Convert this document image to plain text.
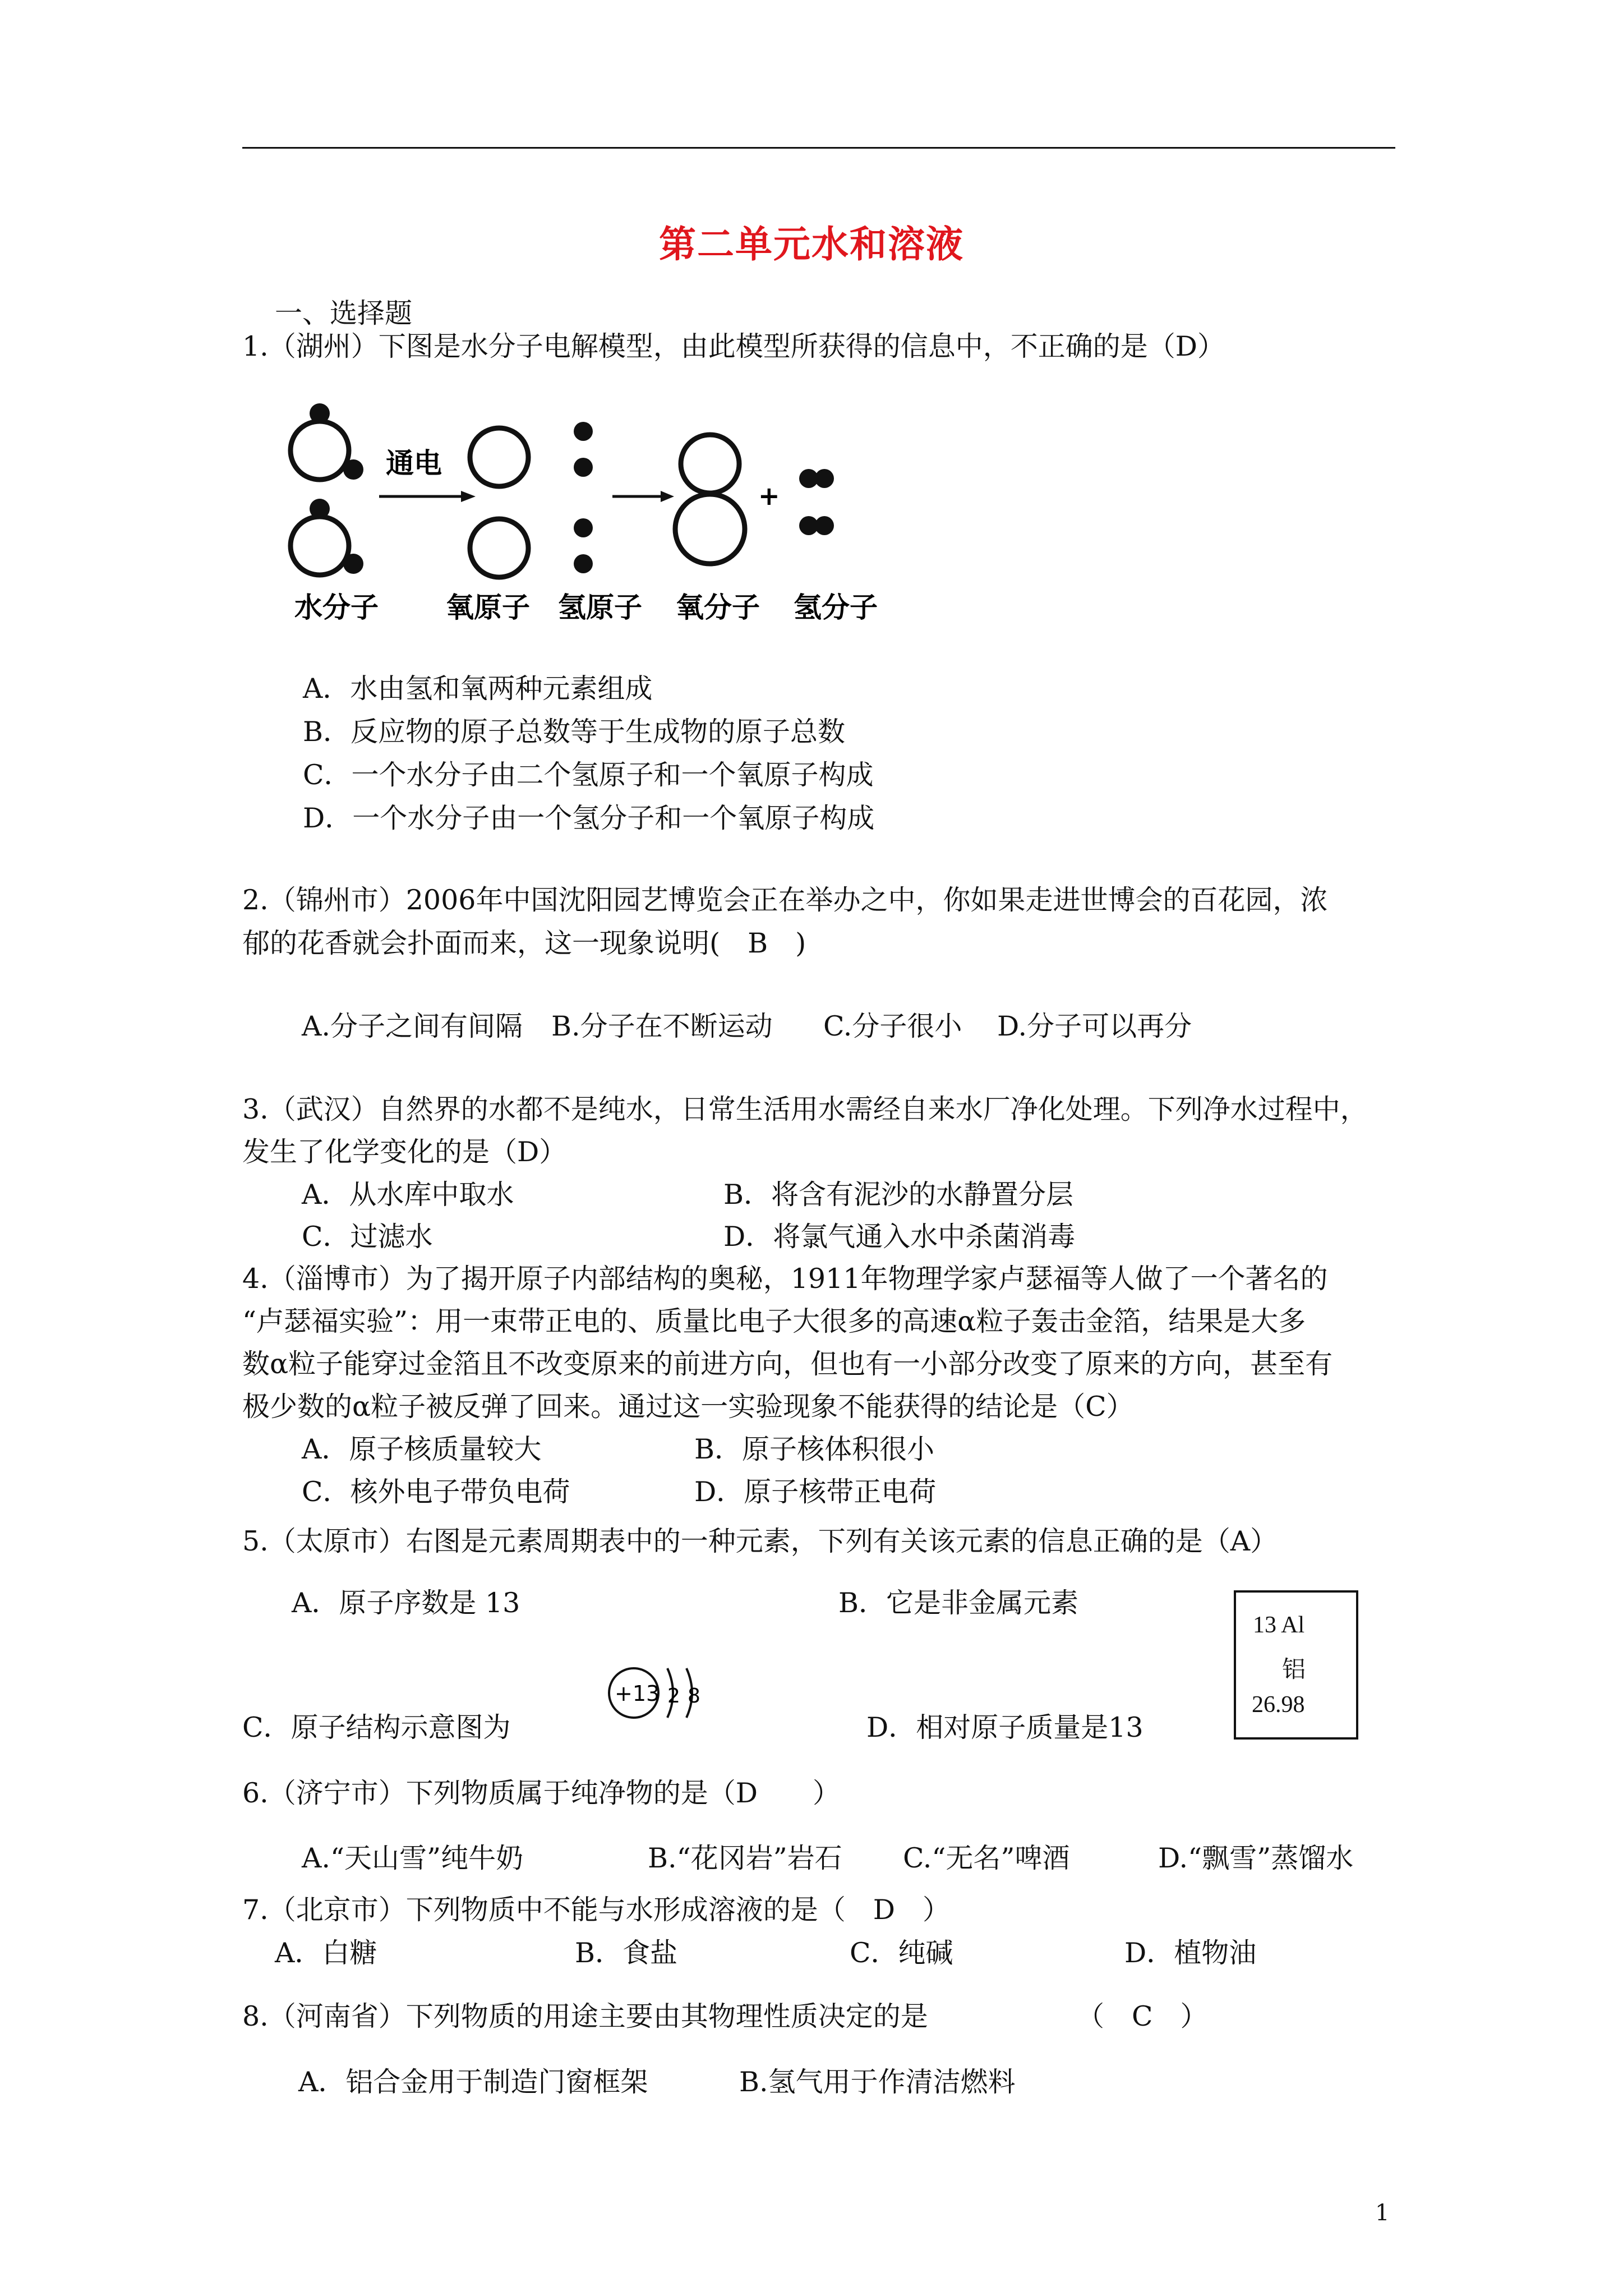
第二单元水和溶液
一、选择题
1.（湖州）下图是水分子电解模型，由此模型所获得的信息中，不正确的是（D）
通电
+
水分子 氧原子 氢原子 氧分子 氢分子
A．水由氢和氧两种元素组成
B．反应物的原子总数等于生成物的原子总数
C．一个水分子由二个氢原子和一个氧原子构成
D．一个水分子由一个氢分子和一个氧原子构成
2.（锦州市）2006年中国沈阳园艺博览会正在举办之中，你如果走进世博会的百花园，浓
郁的花香就会扑面而来，这一现象说明(　B　)
A.分子之间有间隔 B.分子在不断运动 C.分子很小 D.分子可以再分
3.（武汉）自然界的水都不是纯水，日常生活用水需经自来水厂净化处理。下列净水过程中，
发生了化学变化的是（D）
A．从水库中取水	B．将含有泥沙的水静置分层
C．过滤水	D．将氯气通入水中杀菌消毒
4.（淄博市）为了揭开原子内部结构的奥秘，1911年物理学家卢瑟福等人做了一个著名的
“卢瑟福实验”：用一束带正电的、质量比电子大很多的高速α粒子轰击金箔，结果是大多
数α粒子能穿过金箔且不改变原来的前进方向，但也有一小部分改变了原来的方向，甚至有
极少数的α粒子被反弹了回来。通过这一实验现象不能获得的结论是（C）
A．原子核质量较大	B．原子核体积很小
C．核外电子带负电荷	D．原子核带正电荷
5.（太原市）右图是元素周期表中的一种元素，下列有关该元素的信息正确的是（A）
A．原子序数是 13	B．它是非金属元素
C．原子结构示意图为	D．相对原子质量是13
+13 2 8
13 Al
铝
26.98
6.（济宁市）下列物质属于纯净物的是（D　　）
A.“天山雪”纯牛奶	B.“花冈岩”岩石 C.“无名”啤酒	D.“飘雪”蒸馏水
7.（北京市）下列物质中不能与水形成溶液的是（　D　）
A．白糖	B．食盐	C．纯碱	D．植物油
8.（河南省）下列物质的用途主要由其物理性质决定的是	（　C　）
A．铝合金用于制造门窗框架	B.氢气用于作清洁燃料
1
